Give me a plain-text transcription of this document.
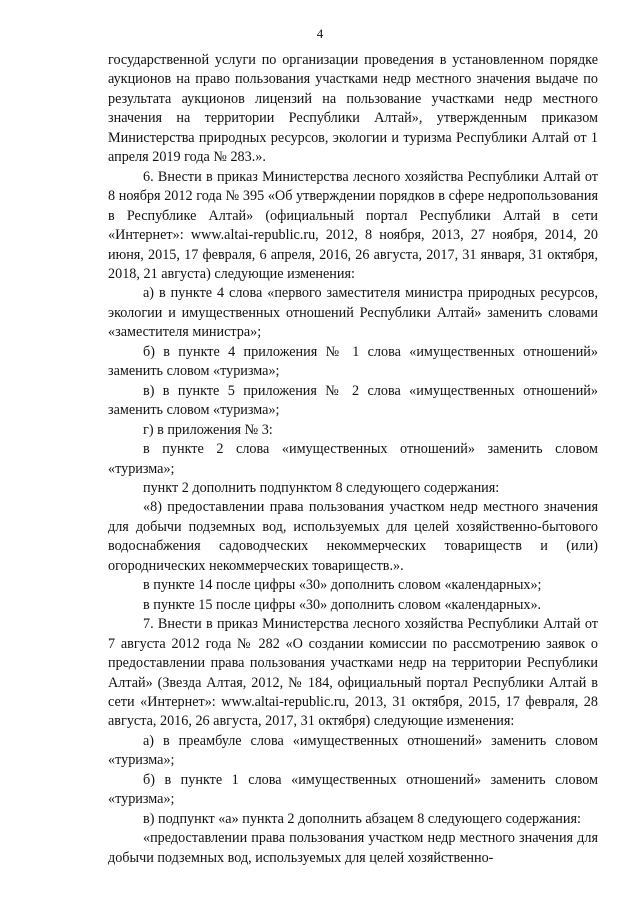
4

государственной услуги по организации проведения в установленном порядке аукционов на право пользования участками недр местного значения выдаче по результата аукционов лицензий на пользование участками недр местного значения на территории Республики Алтай», утвержденным приказом Министерства природных ресурсов, экологии и туризма Республики Алтай от 1 апреля 2019 года № 283.».

6. Внести в приказ Министерства лесного хозяйства Республики Алтай от 8 ноября 2012 года № 395 «Об утверждении порядков в сфере недропользования в Республике Алтай» (официальный портал Республики Алтай в сети «Интернет»: www.altai-republic.ru, 2012, 8 ноября, 2013, 27 ноября, 2014, 20 июня, 2015, 17 февраля, 6 апреля, 2016, 26 августа, 2017, 31 января, 31 октября, 2018, 21 августа) следующие изменения:

а) в пункте 4 слова «первого заместителя министра природных ресурсов, экологии и имущественных отношений Республики Алтай» заменить словами «заместителя министра»;

б) в пункте 4 приложения № 1 слова «имущественных отношений» заменить словом «туризма»;

в) в пункте 5 приложения № 2 слова «имущественных отношений» заменить словом «туризма»;

г) в приложения № 3:

в пункте 2 слова «имущественных отношений» заменить словом «туризма»;

пункт 2 дополнить подпунктом 8 следующего содержания:

«8) предоставлении права пользования участком недр местного значения для добычи подземных вод, используемых для целей хозяйственно-бытового водоснабжения садоводческих некоммерческих товариществ и (или) огороднических некоммерческих товариществ.».

в пункте 14 после цифры «30» дополнить словом «календарных»;

в пункте 15 после цифры «30» дополнить словом «календарных».

7. Внести в приказ Министерства лесного хозяйства Республики Алтай от 7 августа 2012 года № 282 «О создании комиссии по рассмотрению заявок о предоставлении права пользования участками недр на территории Республики Алтай» (Звезда Алтая, 2012, № 184, официальный портал Республики Алтай в сети «Интернет»: www.altai-republic.ru, 2013, 31 октября, 2015, 17 февраля, 28 августа, 2016, 26 августа, 2017, 31 октября) следующие изменения:

а) в преамбуле слова «имущественных отношений» заменить словом «туризма»;

б) в пункте 1 слова «имущественных отношений» заменить словом «туризма»;

в) подпункт «а» пункта 2 дополнить абзацем 8 следующего содержания:

«предоставлении права пользования участком недр местного значения для добычи подземных вод, используемых для целей хозяйственно-
